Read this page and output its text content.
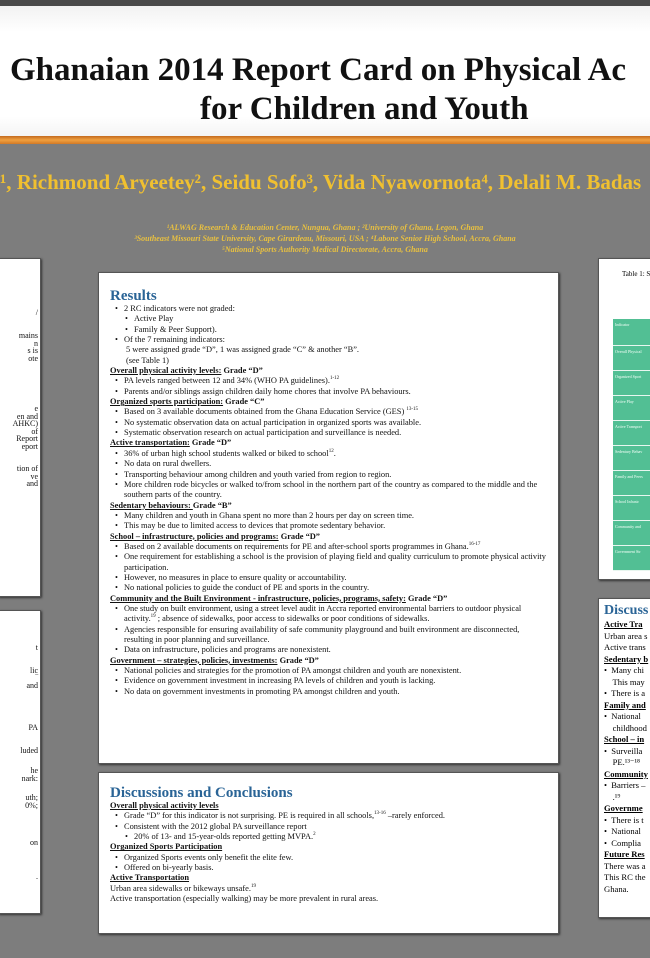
Ghanaian 2014 Report Card on Physical Ac
for Children and Youth
¹, Richmond Aryeetey², Seidu Sofo³, Vida Nyawornota⁴, Delali M. Badas
¹ALWAG Research & Education Center, Nungua, Ghana ; ²University of Ghana, Legon, Ghana
³Southeast Missouri State University, Cape Girardeau, Missouri, USA ; ⁴Labone Senior High School, Accra, Ghana
⁵National Sports Authority Medical Directorate, Accra, Ghana
/
mains
n
s is
ote
e
en and
AHKC)
of
Report
eport
tion of
ve
and
t
lic
‾
and
PA
luded
he
nark:
uth;
0%;
on
.
Results
• 2 RC indicators were not graded:
• Active Play
• Family & Peer Support).
• Of the 7 remaining indicators:
5 were assigned grade “D”, 1 was assigned grade “C” & another “B”.
(see Table 1)
Overall physical activity levels: Grade “D”
• PA levels ranged between 12 and 34% (WHO PA guidelines).$^{1-12}$
• Parents and/or siblings assign children daily home chores that involve PA behaviours.
Organized sports participation: Grade “C”
• Based on 3 available documents obtained from the Ghana Education Service (GES) $^{13-15}$
• No systematic observation data on actual participation in organized sports was available.
• Systematic observation research on actual participation and surveillance is needed.
Active transportation: Grade “D”
• 36% of urban high school students walked or biked to school$^{12}$.
• No data on rural dwellers.
• Transporting behaviour among children and youth varied from region to region.
• More children rode bicycles or walked to/from school in the northern part of the country as compared to the middle and the southern parts of the country.
Sedentary behaviours: Grade “B”
• Many children and youth in Ghana spent no more than 2 hours per day on screen time.
• This may be due to limited access to devices that promote sedentary behavior.
School – infrastructure, policies and programs: Grade “D”
• Based on 2 available documents on requirements for PE and after-school sports programmes in Ghana.$^{16-17}$
• One requirement for establishing a school is the provision of playing field and quality curriculum to promote physical activity participation.
• However, no measures in place to ensure quality or accountability.
• No national policies to guide the conduct of PE and sports in the country.
Community and the Built Environment - infrastructure, policies, programs, safety: Grade “D”
• One study on built environment, using a street level audit in Accra reported environmental barriers to outdoor physical activity.$^{19}$ ; absence of sidewalks, poor access to sidewalks or poor conditions of sidewalks.
• Agencies responsible for ensuring availability of safe community playground and built environment are disconnected, resulting in poor planning and surveillance.
• Data on infrastructure, policies and programs are nonexistent.
Government – strategies, policies, investments: Grade “D”
• National policies and strategies for the promotion of PA amongst children and youth are nonexistent.
• Evidence on government investment in increasing PA levels of children and youth is lacking.
• No data on government investments in promoting PA amongst children and youth.
Discussions and Conclusions
Overall physical activity levels
• Grade “D” for this indicator is not surprising. PE is required in all schools,$^{13-16}$ –rarely enforced.
• Consistent with the 2012 global PA surveillance report
• 20% of 13- and 15-year-olds reported getting MVPA.$^2$
Organized Sports Participation
• Organized Sports events only benefit the elite few.
• Offered on bi-yearly basis.
Active Transportation
Urban area sidewalks or bikeways unsafe.$^{19}$
Active transportation (especially walking) may be more prevalent in rural areas.
Table 1: S
Indicator
Overall Physical
Organized Sport
Active Play
Active Transport
Sedentary Behav
Family and Peers
School Infrastr
Community and
Government Str
Discuss
Active Tra
Urban area s
Active trans
Sedentary b
•  Many chi
This may
•  There is a
Family and
•  National
childhood
School – in
•  Surveilla
PE.¹³⁻¹⁸
Community
•  Barriers –
.¹⁹
Governme
•  There is t
•  National
•  Complia
Future Res
There was a
This RC the
Ghana.
